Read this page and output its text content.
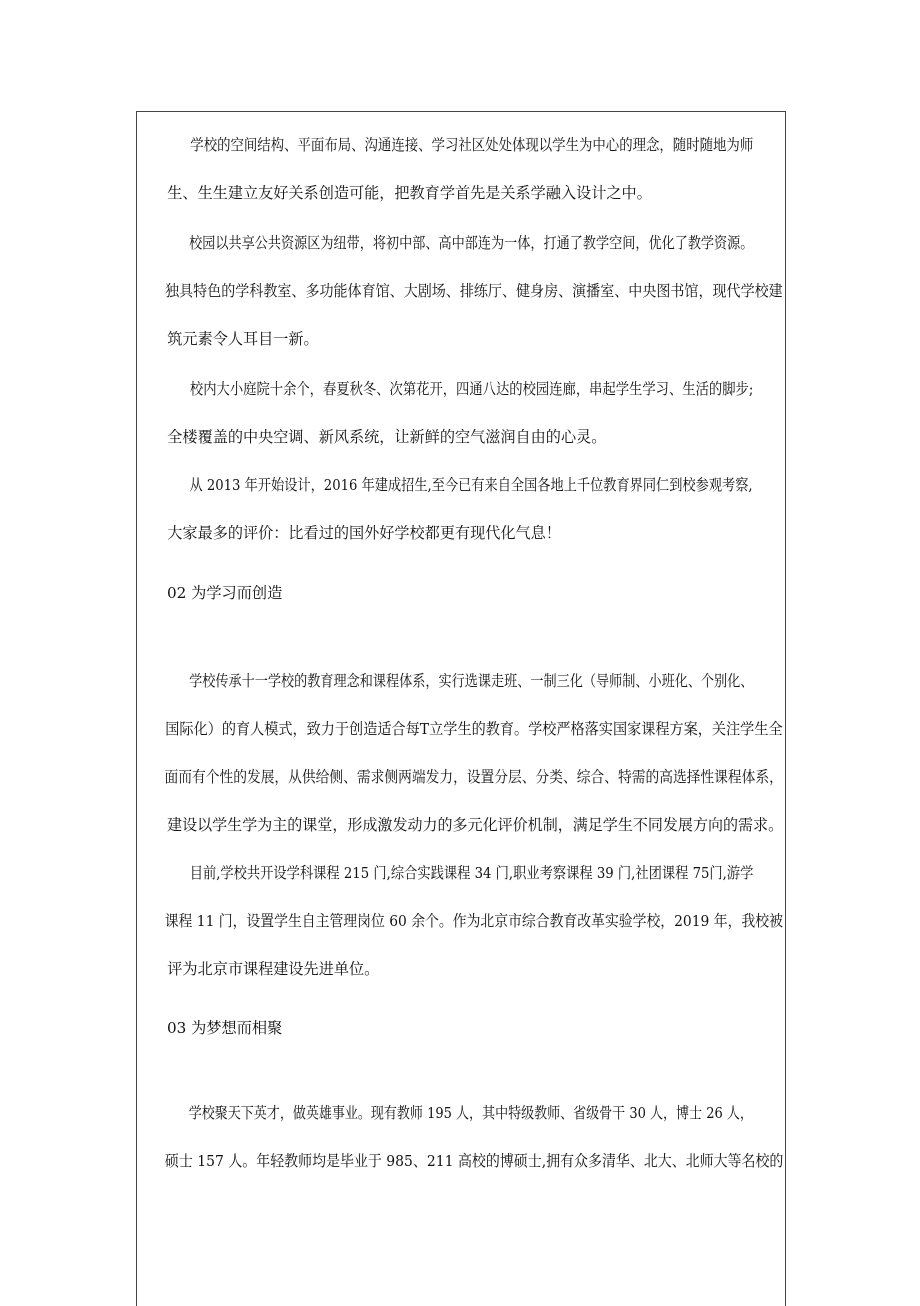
学校的空间结构、平面布局、沟通连接、学习社区处处体现以学生为中心的理念，随时随地为师
生、生生建立友好关系创造可能，把教育学首先是关系学融入设计之中。
校园以共享公共资源区为纽带，将初中部、高中部连为一体，打通了教学空间，优化了教学资源。
独具特色的学科教室、多功能体育馆、大剧场、排练厅、健身房、演播室、中央图书馆，现代学校建
筑元素令人耳目一新。
校内大小庭院十余个，春夏秋冬、次第花开，四通八达的校园连廊，串起学生学习、生活的脚步;
全楼覆盖的中央空调、新风系统，让新鲜的空气滋润自由的心灵。
从 2013 年开始设计，2016 年建成招生,至今已有来自全国各地上千位教育界同仁到校参观考察,
大家最多的评价：比看过的国外好学校都更有现代化气息！
02 为学习而创造
学校传承十一学校的教育理念和课程体系，实行选课走班、一制三化（导师制、小班化、个别化、
国际化）的育人模式，致力于创造适合每T立学生的教育。学校严格落实国家课程方案，关注学生全
面而有个性的发展，从供给侧、需求侧两端发力，设置分层、分类、综合、特需的高选择性课程体系，
建设以学生学为主的课堂，形成激发动力的多元化评价机制，满足学生不同发展方向的需求。
目前,学校共开设学科课程 215 门,综合实践课程 34 门,职业考察课程 39 门,社团课程 75门,游学
课程 11 门，设置学生自主管理岗位 60 余个。作为北京市综合教育改革实验学校，2019 年，我校被
评为北京市课程建设先进单位。
03 为梦想而相聚
学校聚天下英才，做英雄事业。现有教师 195 人，其中特级教师、省级骨干 30 人，博士 26 人，
硕士 157 人。年轻教师均是毕业于 985、211 高校的博硕士,拥有众多清华、北大、北师大等名校的
